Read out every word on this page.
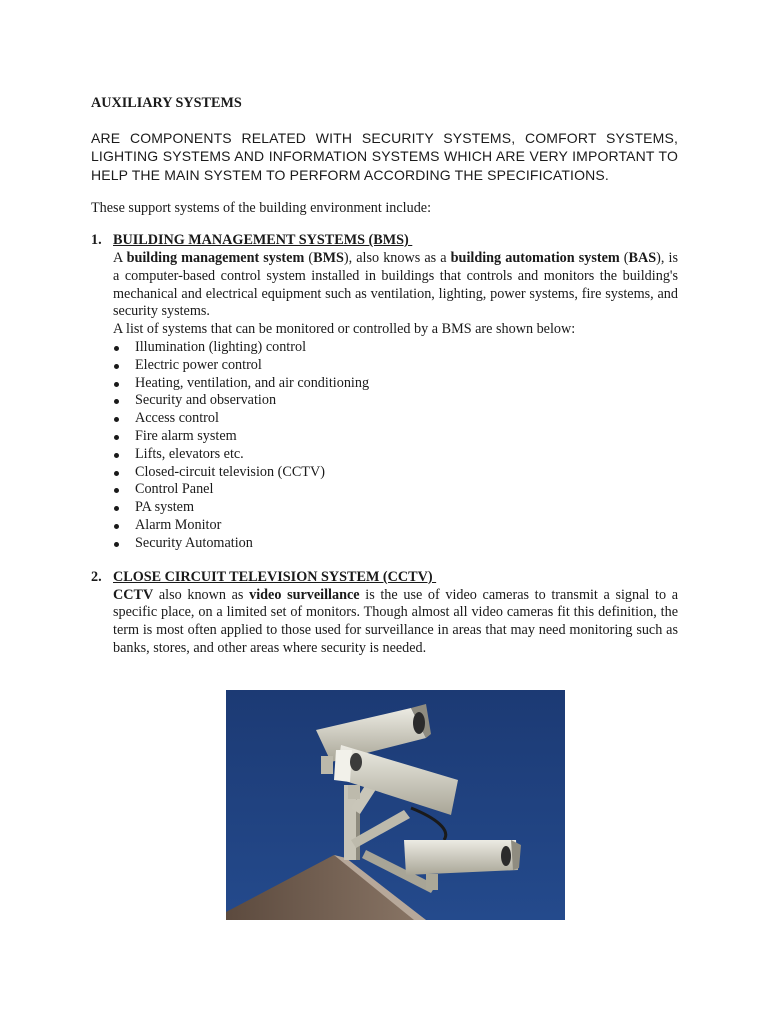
AUXILIARY SYSTEMS

ARE COMPONENTS RELATED WITH SECURITY SYSTEMS, COMFORT SYSTEMS, LIGHTING SYSTEMS AND INFORMATION SYSTEMS WHICH ARE VERY IMPORTANT TO HELP THE MAIN SYSTEM TO PERFORM ACCORDING THE SPECIFICATIONS.

These support systems of the building environment include:

1. BUILDING MANAGEMENT SYSTEMS (BMS)

A building management system (BMS), also knows as a building automation system (BAS), is a computer-based control system installed in buildings that controls and monitors the building's mechanical and electrical equipment such as ventilation, lighting, power systems, fire systems, and security systems.

A list of systems that can be monitored or controlled by a BMS are shown below:

Illumination (lighting) control
Electric power control
Heating, ventilation, and air conditioning
Security and observation
Access control
Fire alarm system
Lifts, elevators etc.
Closed-circuit television (CCTV)
Control Panel
PA system
Alarm Monitor
Security Automation
2. CLOSE CIRCUIT TELEVISION SYSTEM (CCTV)

CCTV also known as video surveillance is the use of video cameras to transmit a signal to a specific place, on a limited set of monitors. Though almost all video cameras fit this definition, the term is most often applied to those used for surveillance in areas that may need monitoring such as banks, stores, and other areas where security is needed.
